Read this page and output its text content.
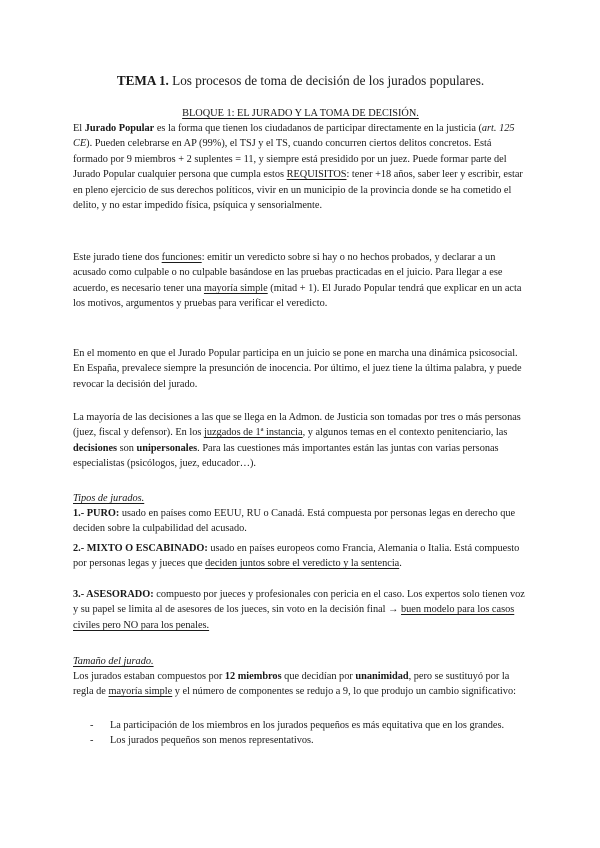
TEMA 1. Los procesos de toma de decisión de los jurados populares.
BLOQUE 1: EL JURADO Y LA TOMA DE DECISIÓN.

El Jurado Popular es la forma que tienen los ciudadanos de participar directamente en la justicia (art. 125 CE). Pueden celebrarse en AP (99%), el TSJ y el TS, cuando concurren ciertos delitos concretos. Está formado por 9 miembros + 2 suplentes = 11, y siempre está presidido por un juez. Puede formar parte del Jurado Popular cualquier persona que cumpla estos REQUISITOS: tener +18 años, saber leer y escribir, estar en pleno ejercicio de sus derechos políticos, vivir en un municipio de la provincia donde se ha cometido el delito, y no estar impedido física, psíquica y sensorialmente.

Este jurado tiene dos funciones: emitir un veredicto sobre si hay o no hechos probados, y declarar a un acusado como culpable o no culpable basándose en las pruebas practicadas en el juicio. Para llegar a ese acuerdo, es necesario tener una mayoría simple (mitad + 1). El Jurado Popular tendrá que explicar en un acta los motivos, argumentos y pruebas para verificar el veredicto.

En el momento en que el Jurado Popular participa en un juicio se pone en marcha una dinámica psicosocial. En España, prevalece siempre la presunción de inocencia. Por último, el juez tiene la última palabra, y puede revocar la decisión del jurado.

La mayoría de las decisiones a las que se llega en la Admon. de Justicia son tomadas por tres o más personas (juez, fiscal y defensor). En los juzgados de 1ª instancia, y algunos temas en el contexto penitenciario, las decisiones son unipersonales. Para las cuestiones más importantes están las juntas con varias personas especialistas (psicólogos, juez, educador…).

Tipos de jurados.

1.- PURO: usado en países como EEUU, RU o Canadá. Está compuesta por personas legas en derecho que deciden sobre la culpabilidad del acusado.

2.- MIXTO O ESCABINADO: usado en países europeos como Francia, Alemania o Italia. Está compuesto por personas legas y jueces que deciden juntos sobre el veredicto y la sentencia.

3.- ASESORADO: compuesto por jueces y profesionales con pericia en el caso. Los expertos solo tienen voz y su papel se limita al de asesores de los jueces, sin voto en la decisión final → buen modelo para los casos civiles pero NO para los penales.

Tamaño del jurado.

Los jurados estaban compuestos por 12 miembros que decidían por unanimidad, pero se sustituyó por la regla de mayoría simple y el número de componentes se redujo a 9, lo que produjo un cambio significativo:

- La participación de los miembros en los jurados pequeños es más equitativa que en los grandes.
- Los jurados pequeños son menos representativos.
